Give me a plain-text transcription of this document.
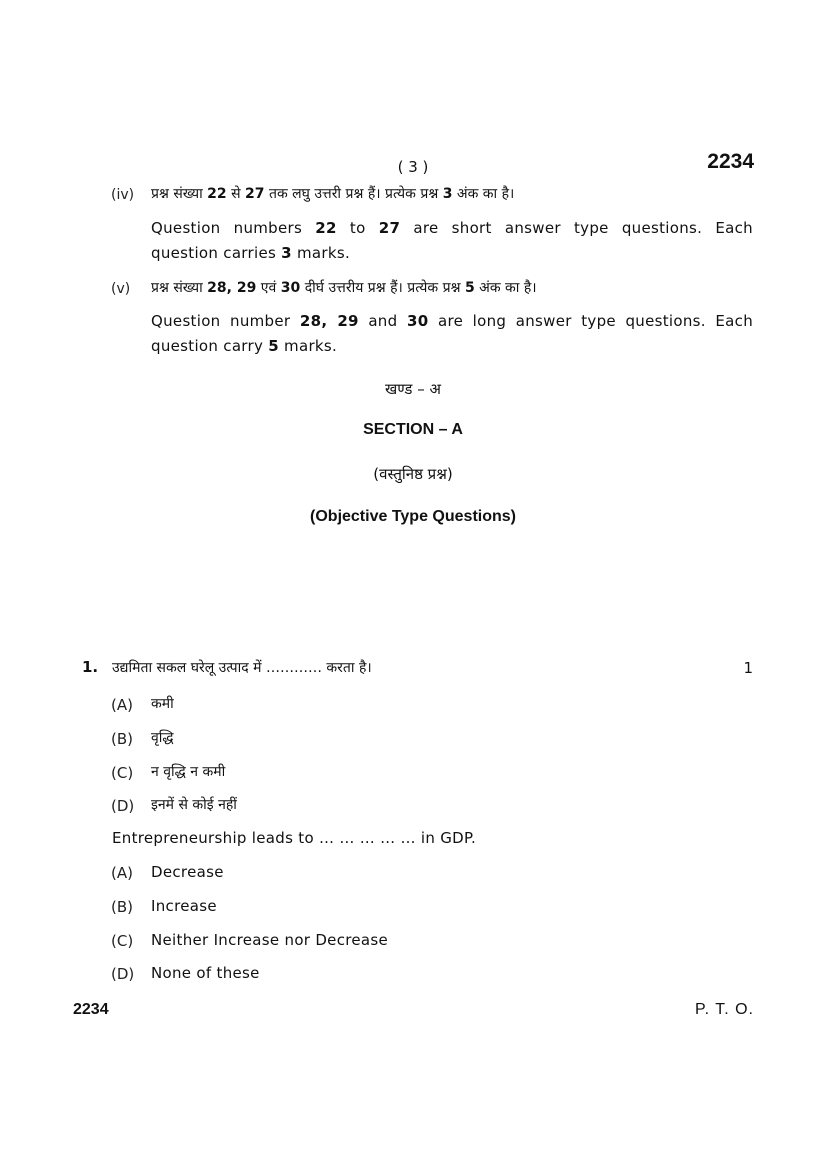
( 3 )	2234
(iv) प्रश्न संख्या 22 से 27 तक लघु उत्तरी प्रश्न हैं। प्रत्येक प्रश्न 3 अंक का है।
Question numbers 22 to 27 are short answer type questions. Each
question carries 3 marks.
(v) प्रश्न संख्या 28, 29 एवं 30 दीर्घ उत्तरीय प्रश्न हैं। प्रत्येक प्रश्न 5 अंक का है।
Question number 28, 29 and 30 are long answer type questions. Each
question carry 5 marks.
खण्ड – अ
SECTION – A
(वस्तुनिष्ठ प्रश्न)
(Objective Type Questions)
1. उद्यमिता सकल घरेलू उत्पाद में ………… करता है।	1
(A) कमी
(B) वृद्धि
(C) न वृद्धि न कमी
(D) इनमें से कोई नहीं
Entrepreneurship leads to … … … … … in GDP.
(A) Decrease
(B) Increase
(C) Neither Increase nor Decrease
(D) None of these
2234	P. T. O.
